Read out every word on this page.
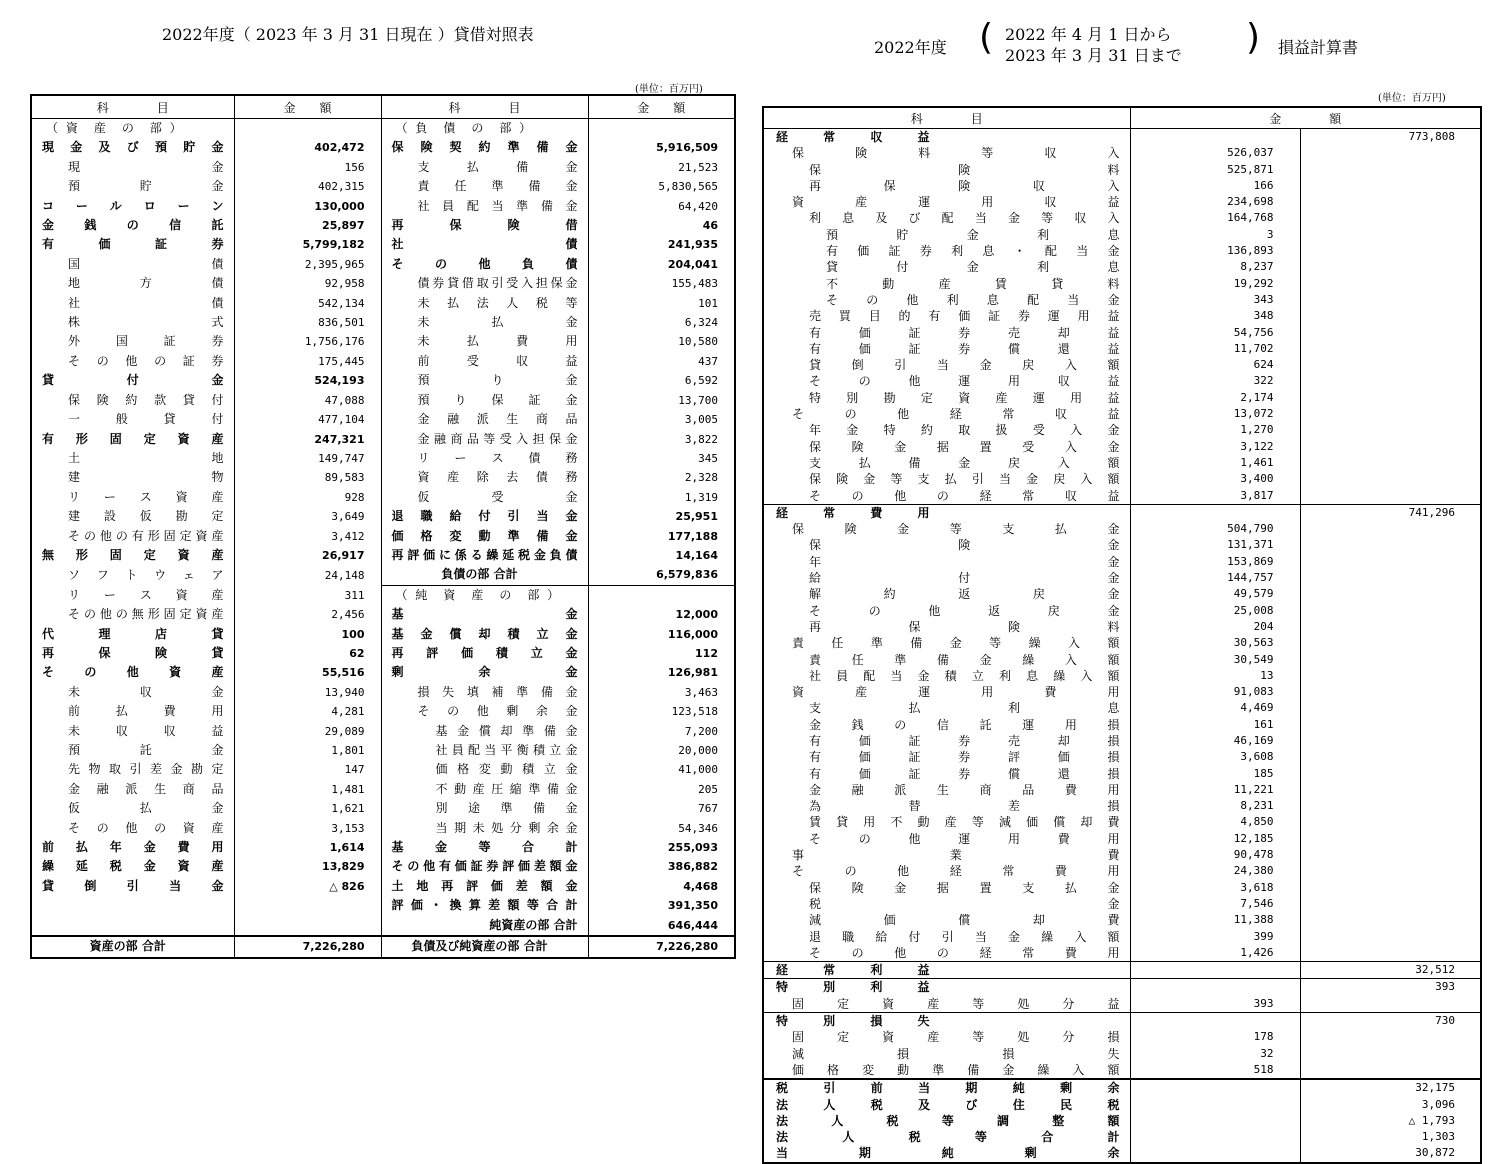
2022年度（ 2023 年 3 月 31 日現在 ）貸借対照表
2022年度 ( 2022 年 4 月 1 日から
2023 年 3 月 31 日まで ) 損益計算書
(単位：百万円)
(単位：百万円)
科　　　　目	金　　額	科　　　　目	金　　額
（ 資　産　の　部 ）		（ 負　債　の　部 ）	
現 金 及 び 預 貯 金	402,472	保 険 契 約 準 備 金	5,916,509
現 金	156	支 払 備 金	21,523
預 貯 金	402,315	責 任 準 備 金	5,830,565
コ ー ル ロ ー ン	130,000	社 員 配 当 準 備 金	64,420
金 銭 の 信 託	25,897	再 保 険 借	46
有 価 証 券	5,799,182	社 債	241,935
国 債	2,395,965	そ の 他 負 債	204,041
地 方 債	92,958	債券貸借取引受入担保金	155,483
社 債	542,134	未 払 法 人 税 等	101
株 式	836,501	未 払 金	6,324
外 国 証 券	1,756,176	未 払 費 用	10,580
そ の 他 の 証 券	175,445	前 受 収 益	437
貸 付 金	524,193	預 り 金	6,592
保 険 約 款 貸 付	47,088	預 り 保 証 金	13,700
一 般 貸 付	477,104	金 融 派 生 商 品	3,005
有 形 固 定 資 産	247,321	金融商品等受入担保金	3,822
土 地	149,747	リ ー ス 債 務	345
建 物	89,583	資 産 除 去 債 務	2,328
リ ー ス 資 産	928	仮 受 金	1,319
建 設 仮 勘 定	3,649	退 職 給 付 引 当 金	25,951
その他の有形固定資産	3,412	価 格 変 動 準 備 金	177,188
無 形 固 定 資 産	26,917	再評価に係る繰延税金負債	14,164
ソ フ ト ウ ェ ア	24,148	負債の部 合計	6,579,836
リ ー ス 資 産	311	（ 純　資　産　の　部 ）	
その他の無形固定資産	2,456	基 金	12,000
代 理 店 貸	100	基 金 償 却 積 立 金	116,000
再 保 険 貸	62	再 評 価 積 立 金	112
そ の 他 資 産	55,516	剰 余 金	126,981
未 収 金	13,940	損 失 填 補 準 備 金	3,463
前 払 費 用	4,281	そ の 他 剰 余 金	123,518
未 収 収 益	29,089	基金償却準備金	7,200
預 託 金	1,801	社員配当平衡積立金	20,000
先物取引差金勘定	147	価格変動積立金	41,000
金 融 派 生 商 品	1,481	不動産圧縮準備金	205
仮 払 金	1,621	別 途 準 備 金	767
そ の 他 の 資 産	3,153	当期未処分剰余金	54,346
前 払 年 金 費 用	1,614	基 金 等 合 計	255,093
繰 延 税 金 資 産	13,829	その他有価証券評価差額金	386,882
貸 倒 引 当 金	△ 826	土 地 再 評 価 差 額 金	4,468
		評価・換算差額等合計	391,350
		純資産の部 合計	646,444
資産の部 合計	7,226,280	負債及び純資産の部 合計	7,226,280
科　　　　目	金　　　　額	
経 常 収 益		773,808
保 険 料 等 収 入	526,037	
保 険 料	525,871	
再 保 険 収 入	166	
資 産 運 用 収 益	234,698	
利 息 及 び 配 当 金 等 収 入	164,768	
預 貯 金 利 息	3	
有 価 証 券 利 息 ・ 配 当 金	136,893	
貸 付 金 利 息	8,237	
不 動 産 賃 貸 料	19,292	
そ の 他 利 息 配 当 金	343	
売 買 目 的 有 価 証 券 運 用 益	348	
有 価 証 券 売 却 益	54,756	
有 価 証 券 償 還 益	11,702	
貸 倒 引 当 金 戻 入 額	624	
そ の 他 運 用 収 益	322	
特 別 勘 定 資 産 運 用 益	2,174	
そ の 他 経 常 収 益	13,072	
年 金 特 約 取 扱 受 入 金	1,270	
保 険 金 据 置 受 入 金	3,122	
支 払 備 金 戻 入 額	1,461	
保 険 金 等 支 払 引 当 金 戻 入 額	3,400	
そ の 他 の 経 常 収 益	3,817	
経 常 費 用		741,296
保 険 金 等 支 払 金	504,790	
保 険 金	131,371	
年 金	153,869	
給 付 金	144,757	
解 約 返 戻 金	49,579	
そ の 他 返 戻 金	25,008	
再 保 険 料	204	
責 任 準 備 金 等 繰 入 額	30,563	
責 任 準 備 金 繰 入 額	30,549	
社 員 配 当 金 積 立 利 息 繰 入 額	13	
資 産 運 用 費 用	91,083	
支 払 利 息	4,469	
金 銭 の 信 託 運 用 損	161	
有 価 証 券 売 却 損	46,169	
有 価 証 券 評 価 損	3,608	
有 価 証 券 償 還 損	185	
金 融 派 生 商 品 費 用	11,221	
為 替 差 損	8,231	
賃 貸 用 不 動 産 等 減 価 償 却 費	4,850	
そ の 他 運 用 費 用	12,185	
事 業 費	90,478	
そ の 他 経 常 費 用	24,380	
保 険 金 据 置 支 払 金	3,618	
税 金	7,546	
減 価 償 却 費	11,388	
退 職 給 付 引 当 金 繰 入 額	399	
そ の 他 の 経 常 費 用	1,426	
経 常 利 益		32,512
特 別 利 益		393
固 定 資 産 等 処 分 益	393	
特 別 損 失		730
固 定 資 産 等 処 分 損	178	
減 損 損 失	32	
価 格 変 動 準 備 金 繰 入 額	518	
税 引 前 当 期 純 剰 余		32,175
法 人 税 及 び 住 民 税		3,096
法 人 税 等 調 整 額		△ 1,793
法 人 税 等 合 計		1,303
当 期 純 剰 余		30,872
